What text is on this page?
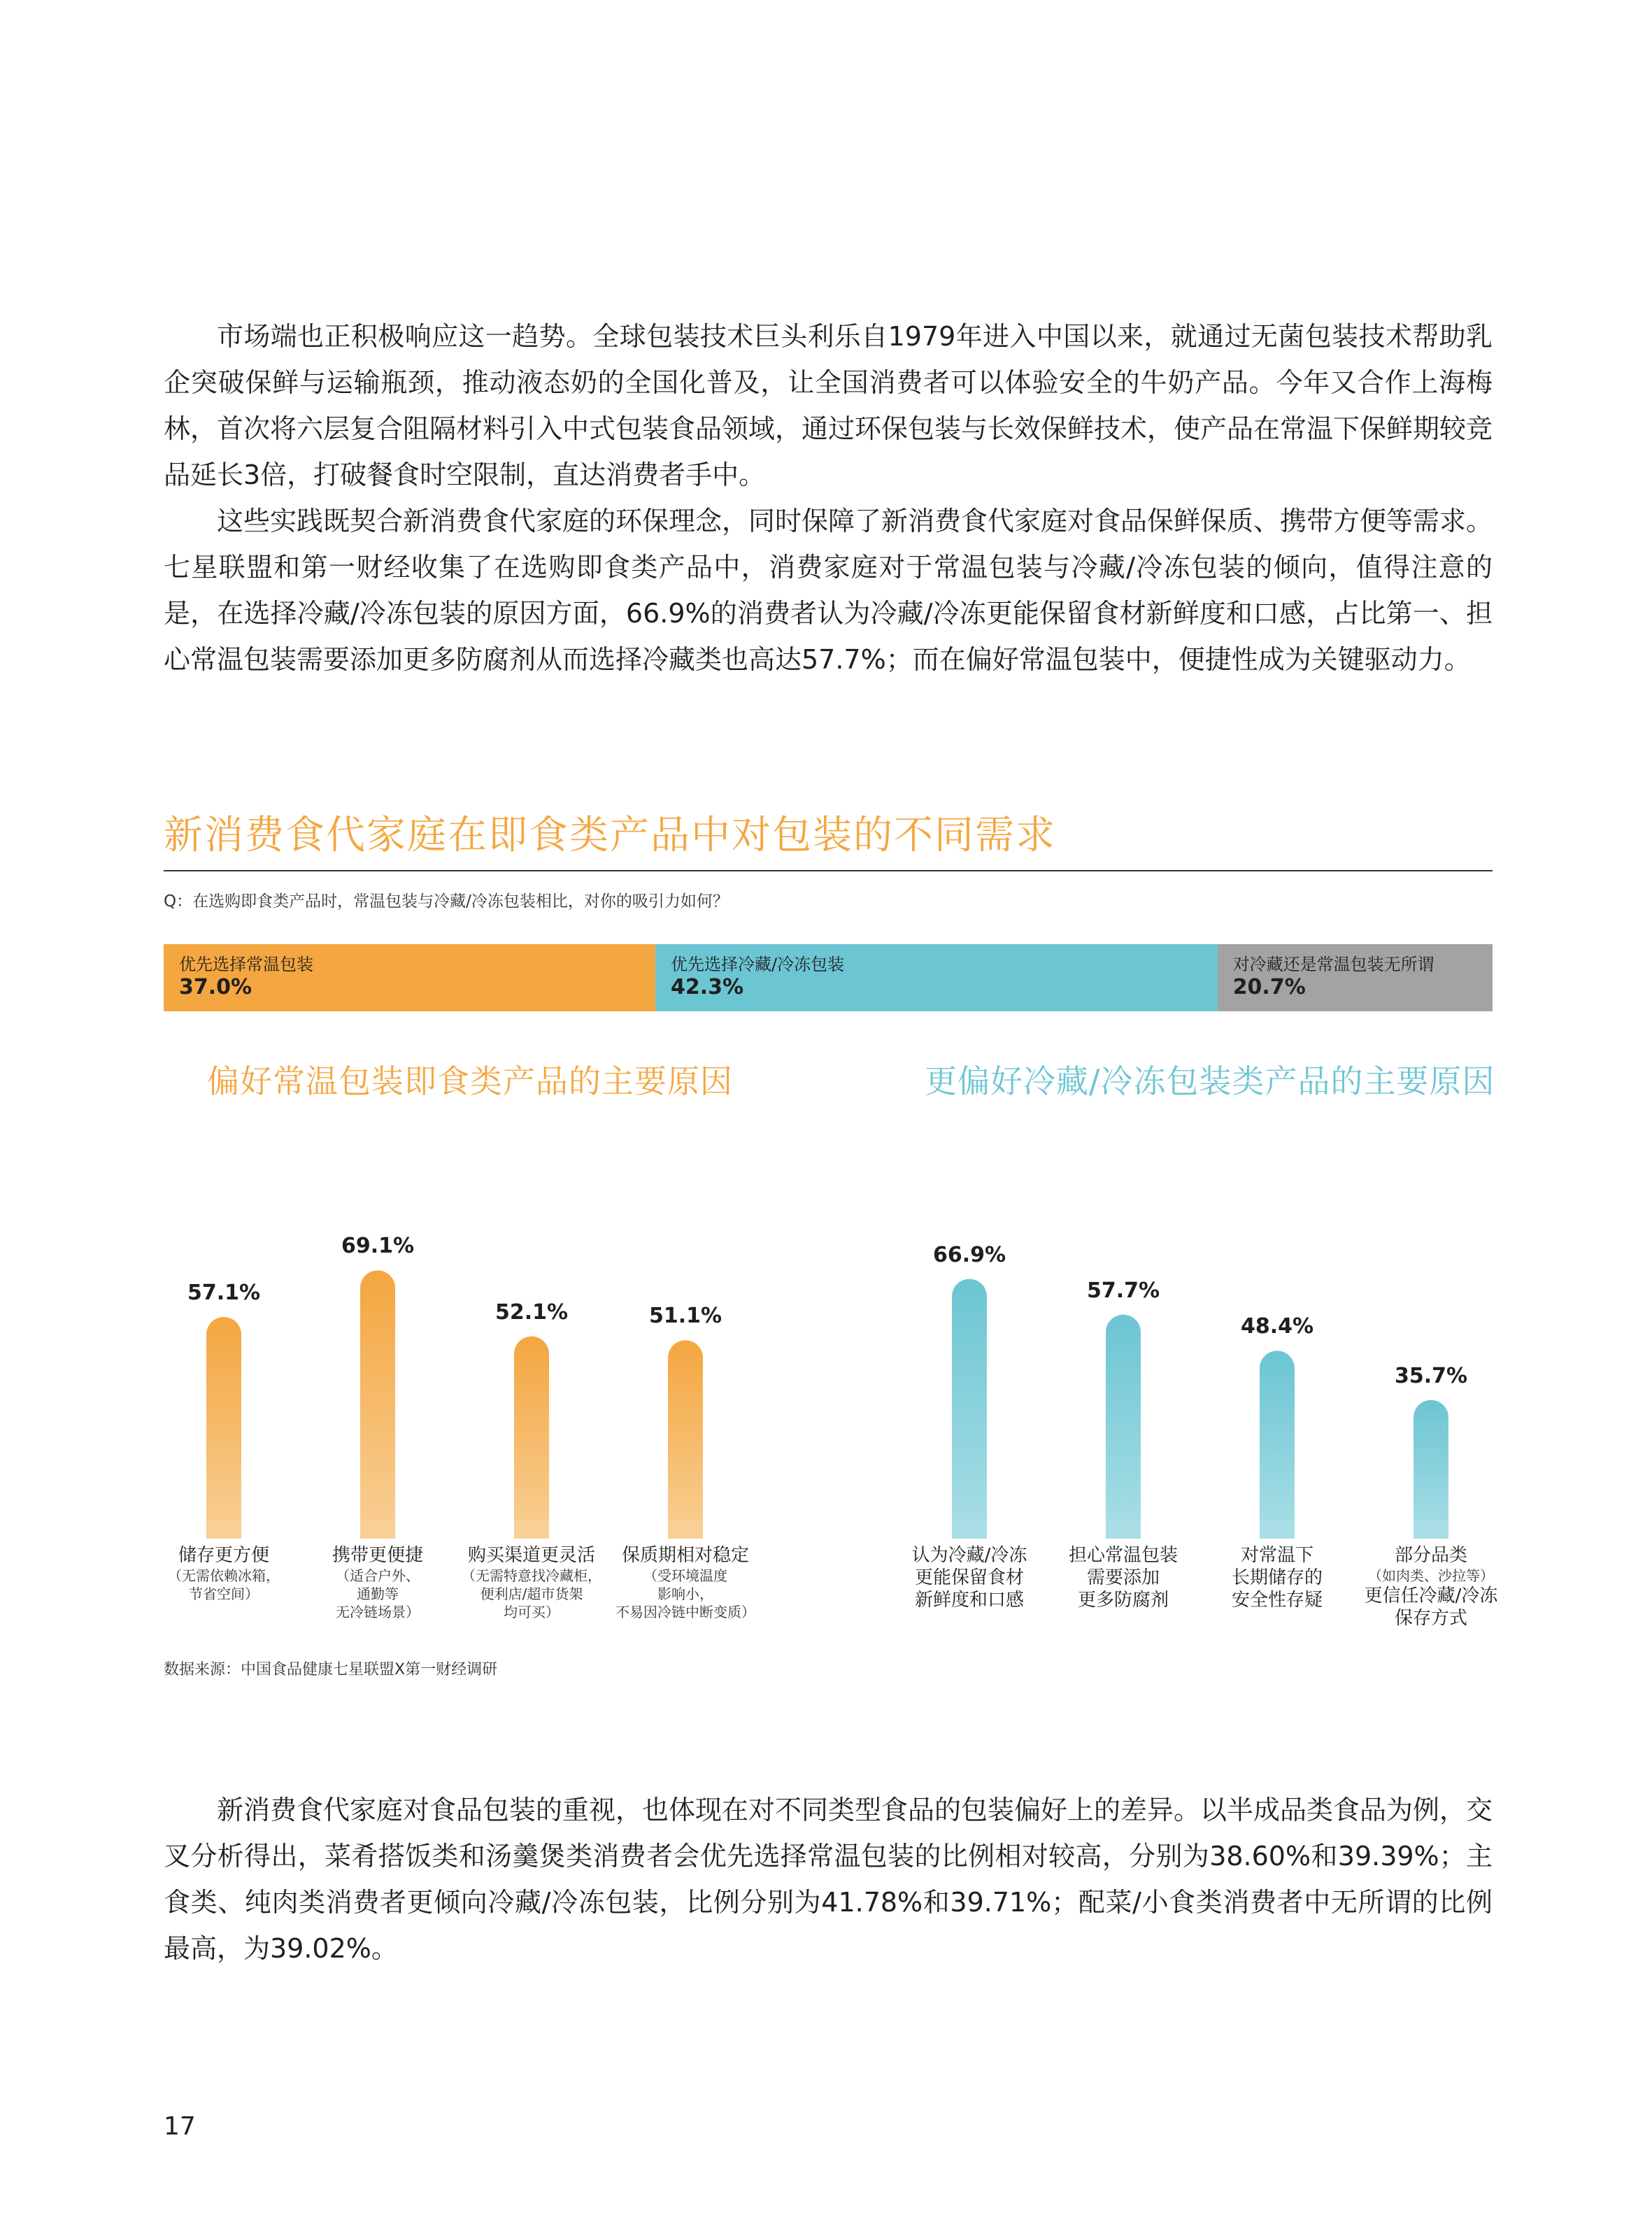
市场端也正积极响应这一趋势。全球包装技术巨头利乐自1979年进入中国以来，就通过无菌包装技术帮助乳企突破保鲜与运输瓶颈，推动液态奶的全国化普及，让全国消费者可以体验安全的牛奶产品。今年又合作上海梅林，首次将六层复合阻隔材料引入中式包装食品领域，通过环保包装与长效保鲜技术，使产品在常温下保鲜期较竞品延长3倍，打破餐食时空限制，直达消费者手中。

这些实践既契合新消费食代家庭的环保理念，同时保障了新消费食代家庭对食品保鲜保质、携带方便等需求。七星联盟和第一财经收集了在选购即食类产品中，消费家庭对于常温包装与冷藏/冷冻包装的倾向，值得注意的是，在选择冷藏/冷冻包装的原因方面，66.9%的消费者认为冷藏/冷冻更能保留食材新鲜度和口感，占比第一、担心常温包装需要添加更多防腐剂从而选择冷藏类也高达57.7%；而在偏好常温包装中，便捷性成为关键驱动力。

新消费食代家庭在即食类产品中对包装的不同需求
Q：在选购即食类产品时，常温包装与冷藏/冷冻包装相比，对你的吸引力如何？
优先选择常温包装
37.0%
优先选择冷藏/冷冻包装
42.3%
对冷藏还是常温包装无所谓
20.7%
偏好常温包装即食类产品的主要原因	更偏好冷藏/冷冻包装类产品的主要原因
57.1%
69.1%
52.1%	51.1%
66.9%
57.7%
48.4%
35.7%
储存更方便
（无需依赖冰箱，
节省空间）
携带更便捷
（适合户外、
通勤等
无冷链场景）
购买渠道更灵活
（无需特意找冷藏柜，
便利店/超市货架
均可买）
保质期相对稳定
（受环境温度
影响小，
不易因冷链中断变质）
认为冷藏/冷冻
更能保留食材
新鲜度和口感
担心常温包装
需要添加
更多防腐剂
对常温下
长期储存的
安全性存疑
部分品类
（如肉类、沙拉等）
更信任冷藏/冷冻
保存方式
数据来源：中国食品健康七星联盟X第一财经调研

新消费食代家庭对食品包装的重视，也体现在对不同类型食品的包装偏好上的差异。以半成品类食品为例，交叉分析得出，菜肴搭饭类和汤羹煲类消费者会优先选择常温包装的比例相对较高，分别为38.60%和39.39%；主食类、纯肉类消费者更倾向冷藏/冷冻包装，比例分别为41.78%和39.71%；配菜/小食类消费者中无所谓的比例最高，为39.02%。

17
